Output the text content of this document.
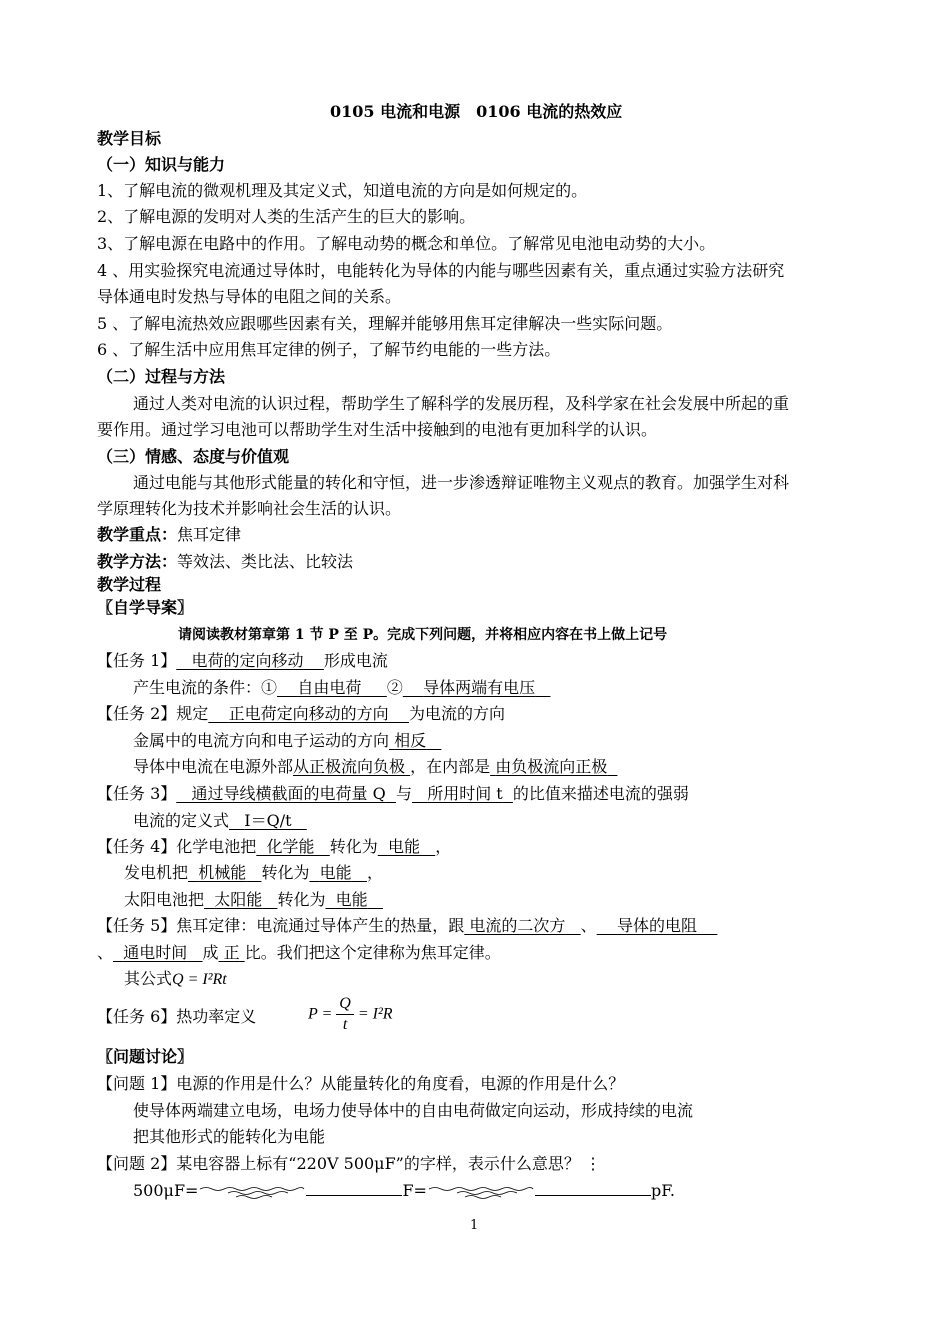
0105 电流和电源　0106 电流的热效应
教学目标
（一）知识与能力
1、了解电流的微观机理及其定义式，知道电流的方向是如何规定的。
2、了解电源的发明对人类的生活产生的巨大的影响。
3、了解电源在电路中的作用。了解电动势的概念和单位。了解常见电池电动势的大小。
4 、用实验探究电流通过导体时，电能转化为导体的内能与哪些因素有关，重点通过实验方法研究
导体通电时发热与导体的电阻之间的关系。
5 、了解电流热效应跟哪些因素有关，理解并能够用焦耳定律解决一些实际问题。
6 、了解生活中应用焦耳定律的例子，了解节约电能的一些方法。
（二）过程与方法
通过人类对电流的认识过程，帮助学生了解科学的发展历程，及科学家在社会发展中所起的重
要作用。通过学习电池可以帮助学生对生活中接触到的电池有更加科学的认识。
（三）情感、态度与价值观
通过电能与其他形式能量的转化和守恒，进一步渗透辩证唯物主义观点的教育。加强学生对科
学原理转化为技术并影响社会生活的认识。
教学重点：焦耳定律
教学方法：等效法、类比法、比较法
教学过程
〖自学导案〗
请阅读教材第章第 1 节 P 至 P。完成下列问题，并将相应内容在书上做上记号
【任务 1】 电荷的定向移动 形成电流
产生电流的条件：① 自由电荷 ② 导体两端有电压
【任务 2】规定 正电荷定向移动的方向 为电流的方向
金属中的电流方向和电子运动的方向 相反
导体中电流在电源外部从正极流向负极 ，在内部是 由负极流向正极
【任务 3】 通过导线横截面的电荷量 Q 与 所用时间 t 的比值来描述电流的强弱
电流的定义式 I＝Q/t
【任务 4】化学电池把 化学能 转化为 电能 ，
发电机把 机械能 转化为 电能 ，
太阳电池把 太阳能 转化为 电能
【任务 5】焦耳定律：电流通过导体产生的热量，跟 电流的二次方 、 导体的电阻
、 通电时间 成 正 比。我们把这个定律称为焦耳定律。
其公式Q = I²Rt
【任务 6】热功率定义	$P = \frac{Q}{t} = I^2R$
〖问题讨论〗
【问题 1】电源的作用是什么？从能量转化的角度看，电源的作用是什么？
使导体两端建立电场，电场力使导体中的自由电荷做定向运动，形成持续的电流
把其他形式的能转化为电能
【问题 2】某电容器上标有“220V 500μF”的字样，表示什么意思？ ⋮
500μF=	F=	pF.
1
